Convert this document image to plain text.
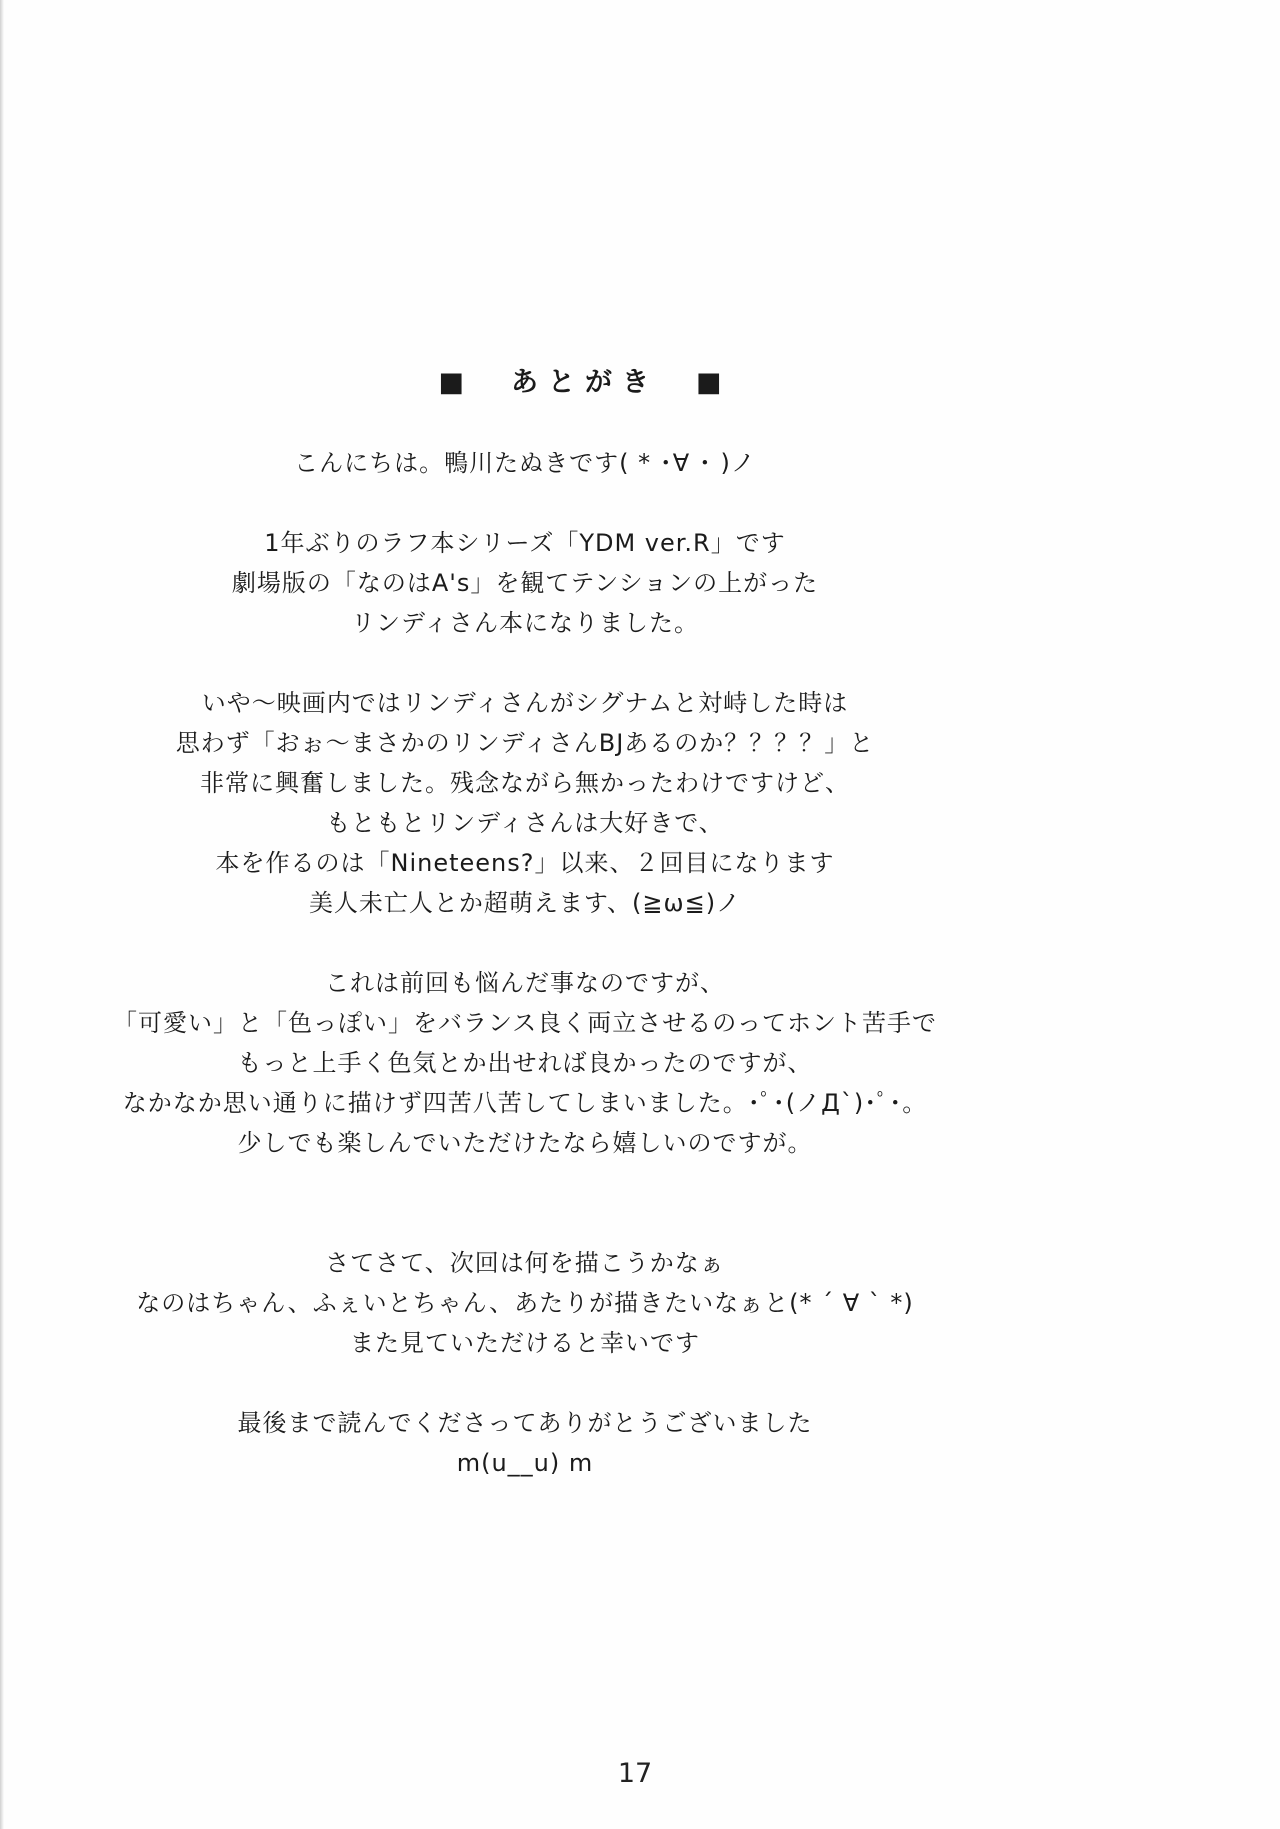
■　あとがき　■
こんにちは。鴨川たぬきです( * ･∀ ･ )ノ
1年ぶりのラフ本シリーズ「YDM ver.R」です
劇場版の「なのはA's」を観てテンションの上がった
リンディさん本になりました。
いや～映画内ではリンディさんがシグナムと対峙した時は
思わず「おぉ～まさかのリンディさんBJあるのか？？？？」と
非常に興奮しました。残念ながら無かったわけですけど、
もともとリンディさんは大好きで、
本を作るのは「Nineteens?」以来、２回目になります
美人未亡人とか超萌えます、(≧ω≦)ノ
これは前回も悩んだ事なのですが、
「可愛い」と「色っぽい」をバランス良く両立させるのってホント苦手で
もっと上手く色気とか出せれば良かったのですが、
なかなか思い通りに描けず四苦八苦してしまいました。･ﾟ･(ノД`)･ﾟ･。
少しでも楽しんでいただけたなら嬉しいのですが。
さてさて、次回は何を描こうかなぁ
なのはちゃん、ふぇいとちゃん、あたりが描きたいなぁと(* ´ ∀ ` *)
また見ていただけると幸いです
最後まで読んでくださってありがとうございました
m(u__u) m
17
